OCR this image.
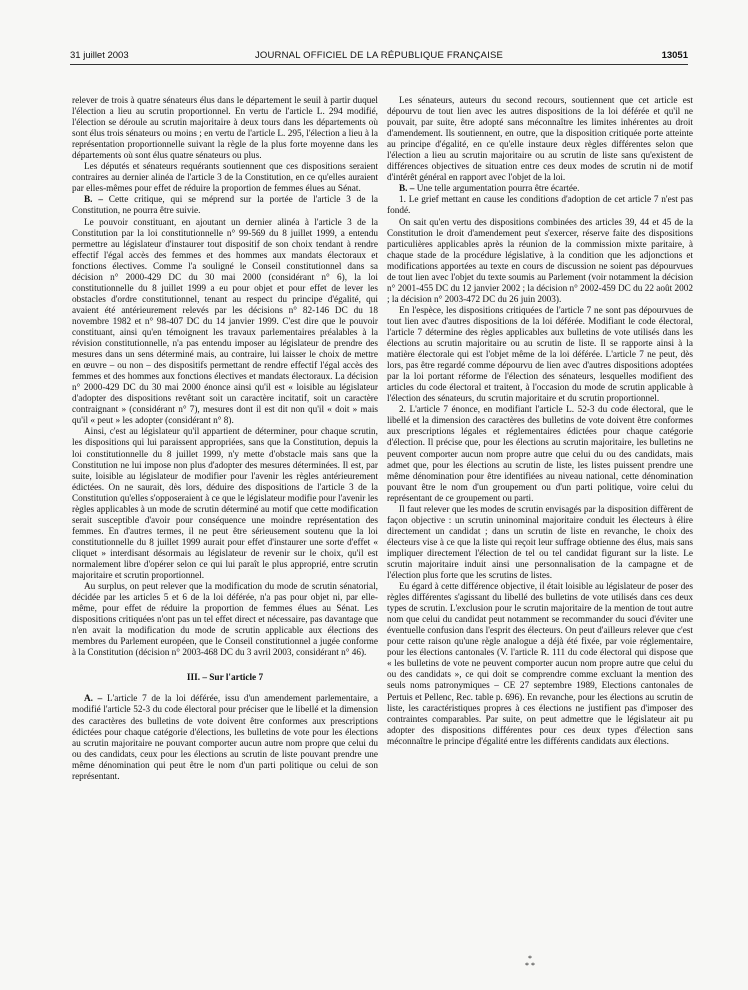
31 juillet 2003	JOURNAL OFFICIEL DE LA RÉPUBLIQUE FRANÇAISE	13051

relever de trois à quatre sénateurs élus dans le département le seuil à partir duquel l'élection a lieu au scrutin proportionnel. En vertu de l'article L. 294 modifié, l'élection se déroule au scrutin majoritaire à deux tours dans les départements où sont élus trois sénateurs ou moins ; en vertu de l'article L. 295, l'élection a lieu à la représentation proportionnelle suivant la règle de la plus forte moyenne dans les départements où sont élus quatre sénateurs ou plus.

Les députés et sénateurs requérants soutiennent que ces dispositions seraient contraires au dernier alinéa de l'article 3 de la Constitution, en ce qu'elles auraient par elles-mêmes pour effet de réduire la proportion de femmes élues au Sénat.

B. – Cette critique, qui se méprend sur la portée de l'article 3 de la Constitution, ne pourra être suivie.

Le pouvoir constituant, en ajoutant un dernier alinéa à l'article 3 de la Constitution par la loi constitutionnelle n° 99-569 du 8 juillet 1999, a entendu permettre au législateur d'instaurer tout dispositif de son choix tendant à rendre effectif l'égal accès des femmes et des hommes aux mandats électoraux et fonctions électives. Comme l'a souligné le Conseil constitutionnel dans sa décision n° 2000-429 DC du 30 mai 2000 (considérant n° 6), la loi constitutionnelle du 8 juillet 1999 a eu pour objet et pour effet de lever les obstacles d'ordre constitutionnel, tenant au respect du principe d'égalité, qui avaient été antérieurement relevés par les décisions n° 82-146 DC du 18 novembre 1982 et n° 98-407 DC du 14 janvier 1999. C'est dire que le pouvoir constituant, ainsi qu'en témoignent les travaux parlementaires préalables à la révision constitutionnelle, n'a pas entendu imposer au législateur de prendre des mesures dans un sens déterminé mais, au contraire, lui laisser le choix de mettre en œuvre – ou non – des dispositifs permettant de rendre effectif l'égal accès des femmes et des hommes aux fonctions électives et mandats électoraux. La décision n° 2000-429 DC du 30 mai 2000 énonce ainsi qu'il est « loisible au législateur d'adopter des dispositions revêtant soit un caractère incitatif, soit un caractère contraignant » (considérant n° 7), mesures dont il est dit non qu'il « doit » mais qu'il « peut » les adopter (considérant n° 8).

Ainsi, c'est au législateur qu'il appartient de déterminer, pour chaque scrutin, les dispositions qui lui paraissent appropriées, sans que la Constitution, depuis la loi constitutionnelle du 8 juillet 1999, n'y mette d'obstacle mais sans que la Constitution ne lui impose non plus d'adopter des mesures déterminées. Il est, par suite, loisible au législateur de modifier pour l'avenir les règles antérieurement édictées. On ne saurait, dès lors, déduire des dispositions de l'article 3 de la Constitution qu'elles s'opposeraient à ce que le législateur modifie pour l'avenir les règles applicables à un mode de scrutin déterminé au motif que cette modification serait susceptible d'avoir pour conséquence une moindre représentation des femmes. En d'autres termes, il ne peut être sérieusement soutenu que la loi constitutionnelle du 8 juillet 1999 aurait pour effet d'instaurer une sorte d'effet « cliquet » interdisant désormais au législateur de revenir sur le choix, qu'il est normalement libre d'opérer selon ce qui lui paraît le plus approprié, entre scrutin majoritaire et scrutin proportionnel.

Au surplus, on peut relever que la modification du mode de scrutin sénatorial, décidée par les articles 5 et 6 de la loi déférée, n'a pas pour objet ni, par elle-même, pour effet de réduire la proportion de femmes élues au Sénat. Les dispositions critiquées n'ont pas un tel effet direct et nécessaire, pas davantage que n'en avait la modification du mode de scrutin applicable aux élections des membres du Parlement européen, que le Conseil constitutionnel a jugée conforme à la Constitution (décision n° 2003-468 DC du 3 avril 2003, considérant n° 46).

III. – Sur l'article 7

A. – L'article 7 de la loi déférée, issu d'un amendement parlementaire, a modifié l'article 52-3 du code électoral pour préciser que le libellé et la dimension des caractères des bulletins de vote doivent être conformes aux prescriptions édictées pour chaque catégorie d'élections, les bulletins de vote pour les élections au scrutin majoritaire ne pouvant comporter aucun autre nom propre que celui du ou des candidats, ceux pour les élections au scrutin de liste pouvant prendre une même dénomination qui peut être le nom d'un parti politique ou celui de son représentant.

Les sénateurs, auteurs du second recours, soutiennent que cet article est dépourvu de tout lien avec les autres dispositions de la loi déférée et qu'il ne pouvait, par suite, être adopté sans méconnaître les limites inhérentes au droit d'amendement. Ils soutiennent, en outre, que la disposition critiquée porte atteinte au principe d'égalité, en ce qu'elle instaure deux règles différentes selon que l'élection a lieu au scrutin majoritaire ou au scrutin de liste sans qu'existent de différences objectives de situation entre ces deux modes de scrutin ni de motif d'intérêt général en rapport avec l'objet de la loi.

B. – Une telle argumentation pourra être écartée.

1. Le grief mettant en cause les conditions d'adoption de cet article 7 n'est pas fondé.

On sait qu'en vertu des dispositions combinées des articles 39, 44 et 45 de la Constitution le droit d'amendement peut s'exercer, réserve faite des dispositions particulières applicables après la réunion de la commission mixte paritaire, à chaque stade de la procédure législative, à la condition que les adjonctions et modifications apportées au texte en cours de discussion ne soient pas dépourvues de tout lien avec l'objet du texte soumis au Parlement (voir notamment la décision n° 2001-455 DC du 12 janvier 2002 ; la décision n° 2002-459 DC du 22 août 2002 ; la décision n° 2003-472 DC du 26 juin 2003).

En l'espèce, les dispositions critiquées de l'article 7 ne sont pas dépourvues de tout lien avec d'autres dispositions de la loi déférée. Modifiant le code électoral, l'article 7 détermine des règles applicables aux bulletins de vote utilisés dans les élections au scrutin majoritaire ou au scrutin de liste. Il se rapporte ainsi à la matière électorale qui est l'objet même de la loi déférée. L'article 7 ne peut, dès lors, pas être regardé comme dépourvu de lien avec d'autres dispositions adoptées par la loi portant réforme de l'élection des sénateurs, lesquelles modifient des articles du code électoral et traitent, à l'occasion du mode de scrutin applicable à l'élection des sénateurs, du scrutin majoritaire et du scrutin proportionnel.

2. L'article 7 énonce, en modifiant l'article L. 52-3 du code électoral, que le libellé et la dimension des caractères des bulletins de vote doivent être conformes aux prescriptions légales et réglementaires édictées pour chaque catégorie d'élection. Il précise que, pour les élections au scrutin majoritaire, les bulletins ne peuvent comporter aucun nom propre autre que celui du ou des candidats, mais admet que, pour les élections au scrutin de liste, les listes puissent prendre une même dénomination pour être identifiées au niveau national, cette dénomination pouvant être le nom d'un groupement ou d'un parti politique, voire celui du représentant de ce groupement ou parti.

Il faut relever que les modes de scrutin envisagés par la disposition diffèrent de façon objective : un scrutin uninominal majoritaire conduit les électeurs à élire directement un candidat ; dans un scrutin de liste en revanche, le choix des électeurs vise à ce que la liste qui reçoit leur suffrage obtienne des élus, mais sans impliquer directement l'élection de tel ou tel candidat figurant sur la liste. Le scrutin majoritaire induit ainsi une personnalisation de la campagne et de l'élection plus forte que les scrutins de listes.

Eu égard à cette différence objective, il était loisible au législateur de poser des règles différentes s'agissant du libellé des bulletins de vote utilisés dans ces deux types de scrutin. L'exclusion pour le scrutin majoritaire de la mention de tout autre nom que celui du candidat peut notamment se recommander du souci d'éviter une éventuelle confusion dans l'esprit des électeurs. On peut d'ailleurs relever que c'est pour cette raison qu'une règle analogue a déjà été fixée, par voie réglementaire, pour les élections cantonales (V. l'article R. 111 du code électoral qui dispose que « les bulletins de vote ne peuvent comporter aucun nom propre autre que celui du ou des candidats », ce qui doit se comprendre comme excluant la mention des seuls noms patronymiques – CE 27 septembre 1989, Elections cantonales de Pertuis et Pellenc, Rec. table p. 696). En revanche, pour les élections au scrutin de liste, les caractéristiques propres à ces élections ne justifient pas d'imposer des contraintes comparables. Par suite, on peut admettre que le législateur ait pu adopter des dispositions différentes pour ces deux types d'élection sans méconnaître le principe d'égalité entre les différents candidats aux élections.

*
* *
